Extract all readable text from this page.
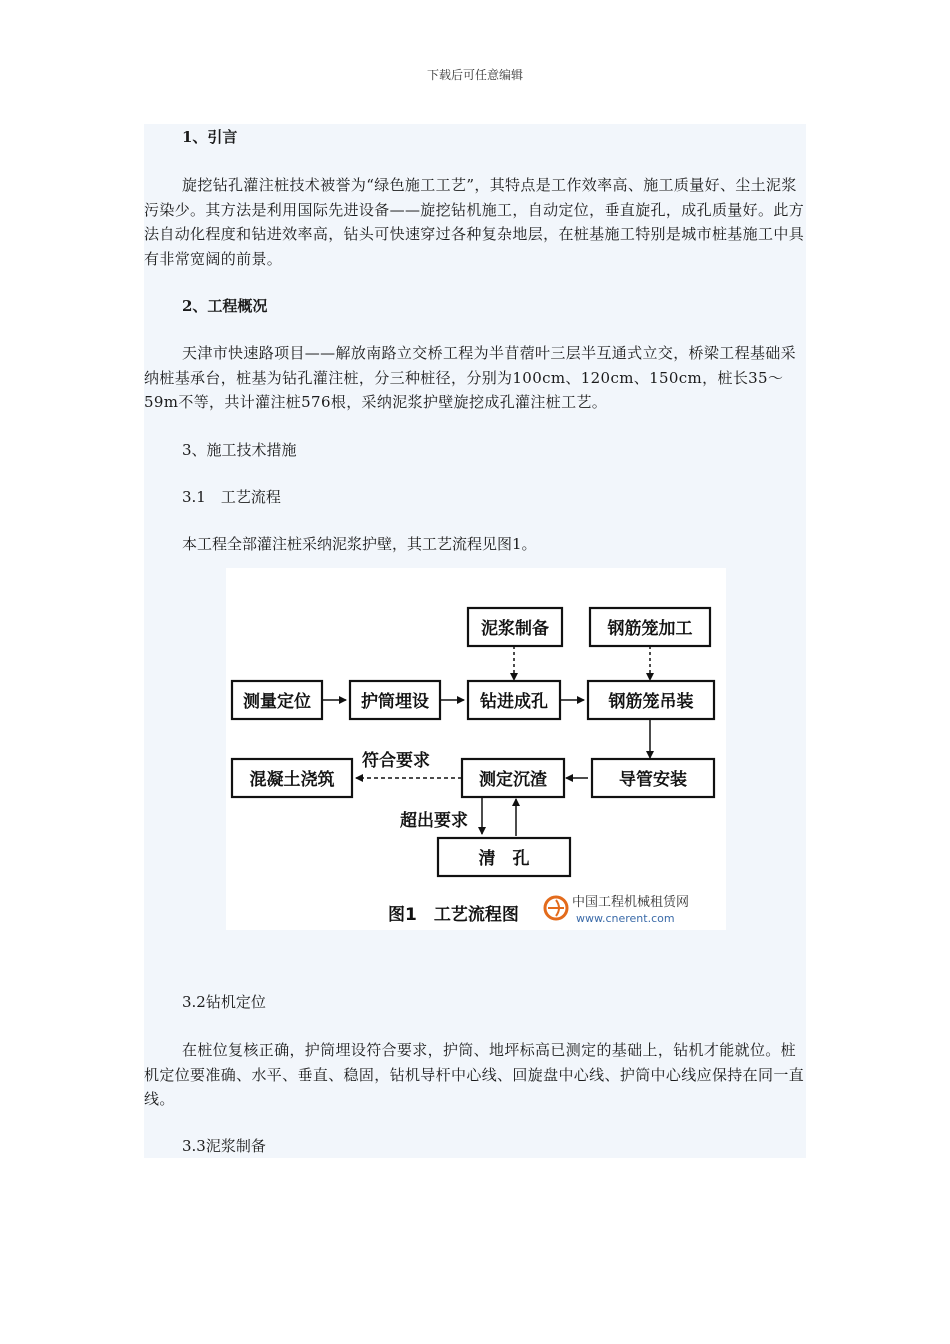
下载后可任意编辑
1、引言
旋挖钻孔灌注桩技术被誉为“绿色施工工艺”，其特点是工作效率高、施工质量好、尘土泥浆污染少。其方法是利用国际先进设备——旋挖钻机施工，自动定位，垂直旋孔，成孔质量好。此方法自动化程度和钻进效率高，钻头可快速穿过各种复杂地层，在桩基施工特别是城市桩基施工中具有非常宽阔的前景。
2、工程概况
天津市快速路项目——解放南路立交桥工程为半苜蓿叶三层半互通式立交，桥梁工程基础采纳桩基承台，桩基为钻孔灌注桩，分三种桩径，分别为100cm、120cm、150cm，桩长35～59m不等，共计灌注桩576根，采纳泥浆护壁旋挖成孔灌注桩工艺。
3、施工技术措施
3.1　工艺流程
本工程全部灌注桩采纳泥浆护壁，其工艺流程见图1。
泥浆制备	钢筋笼加工
测量定位	护筒埋设	钻进成孔	钢筋笼吊装
混凝土浇筑	测定沉渣	导管安装
清　孔
符合要求
超出要求
图1　工艺流程图
中国工程机械租赁网
www.cnerent.com
3.2钻机定位
在桩位复核正确，护筒埋设符合要求，护筒、地坪标高已测定的基础上，钻机才能就位。桩机定位要准确、水平、垂直、稳固，钻机导杆中心线、回旋盘中心线、护筒中心线应保持在同一直线。
3.3泥浆制备
